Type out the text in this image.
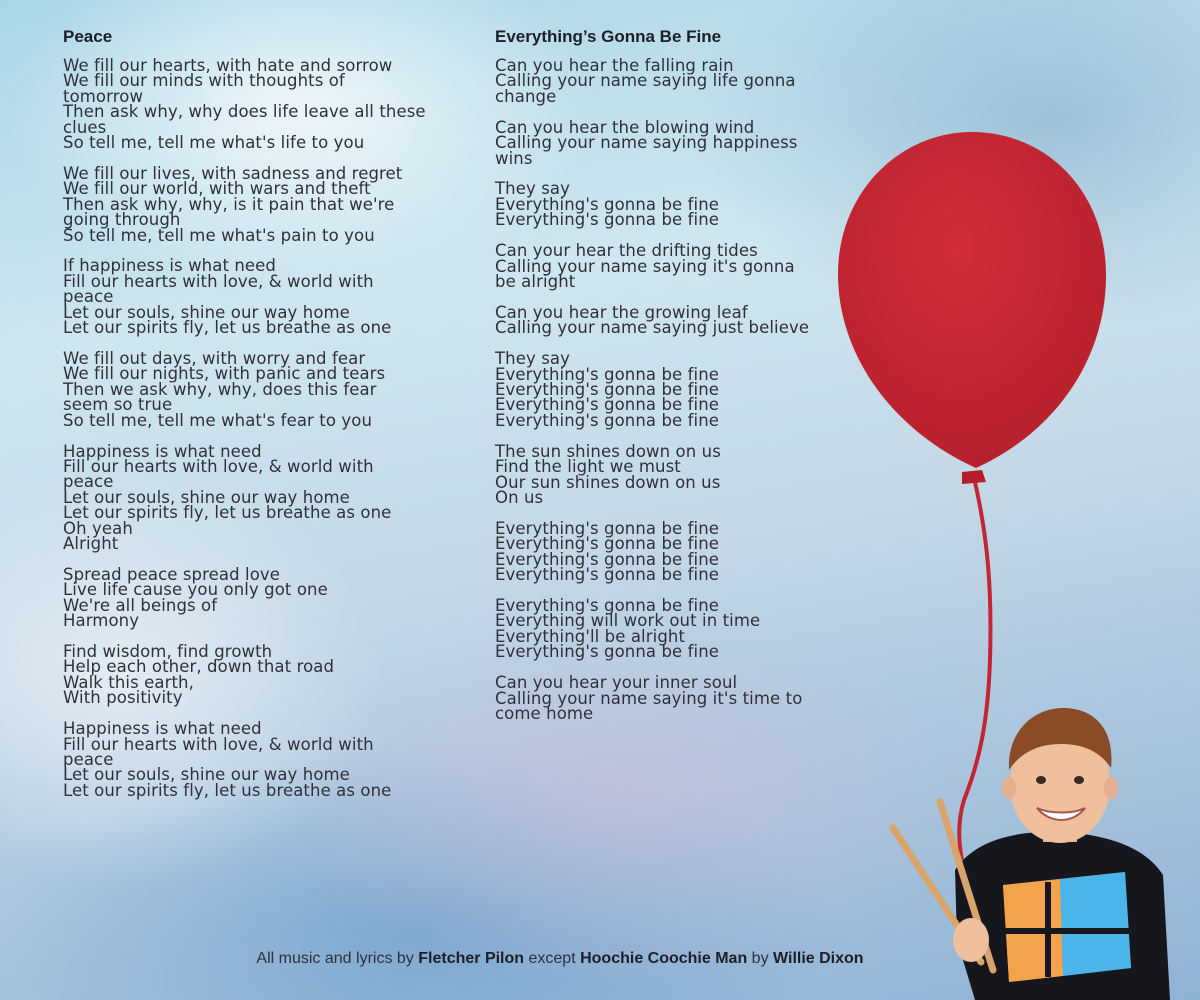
Peace
We fill our hearts, with hate and sorrow
We fill our minds with thoughts of
tomorrow
Then ask why, why does life leave all these
clues
So tell me, tell me what's life to you
We fill our lives, with sadness and regret
We fill our world, with wars and theft
Then ask why, why, is it pain that we're
going through
So tell me, tell me what's pain to you
If happiness is what need
Fill our hearts with love, & world with
peace
Let our souls, shine our way home
Let our spirits fly, let us breathe as one
We fill out days, with worry and fear
We fill our nights, with panic and tears
Then we ask why, why, does this fear
seem so true
So tell me, tell me what's fear to you
Happiness is what need
Fill our hearts with love, & world with
peace
Let our souls, shine our way home
Let our spirits fly, let us breathe as one
Oh yeah
Alright
Spread peace spread love
Live life cause you only got one
We're all beings of
Harmony
Find wisdom, find growth
Help each other, down that road
Walk this earth,
With positivity
Happiness is what need
Fill our hearts with love, & world with
peace
Let our souls, shine our way home
Let our spirits fly, let us breathe as one
Everything’s Gonna Be Fine
Can you hear the falling rain
Calling your name saying life gonna
change
Can you hear the blowing wind
Calling your name saying happiness
wins
They say
Everything's gonna be fine
Everything's gonna be fine
Can your hear the drifting tides
Calling your name saying it's gonna
be alright
Can you hear the growing leaf
Calling your name saying just believe
They say
Everything's gonna be fine
Everything's gonna be fine
Everything's gonna be fine
Everything's gonna be fine
The sun shines down on us
Find the light we must
Our sun shines down on us
On us
Everything's gonna be fine
Everything's gonna be fine
Everything's gonna be fine
Everything's gonna be fine
Everything's gonna be fine
Everything will work out in time
Everything'll be alright
Everything's gonna be fine
Can you hear your inner soul
Calling your name saying it's time to
come home
All music and lyrics by Fletcher Pilon except Hoochie Coochie Man by Willie Dixon
